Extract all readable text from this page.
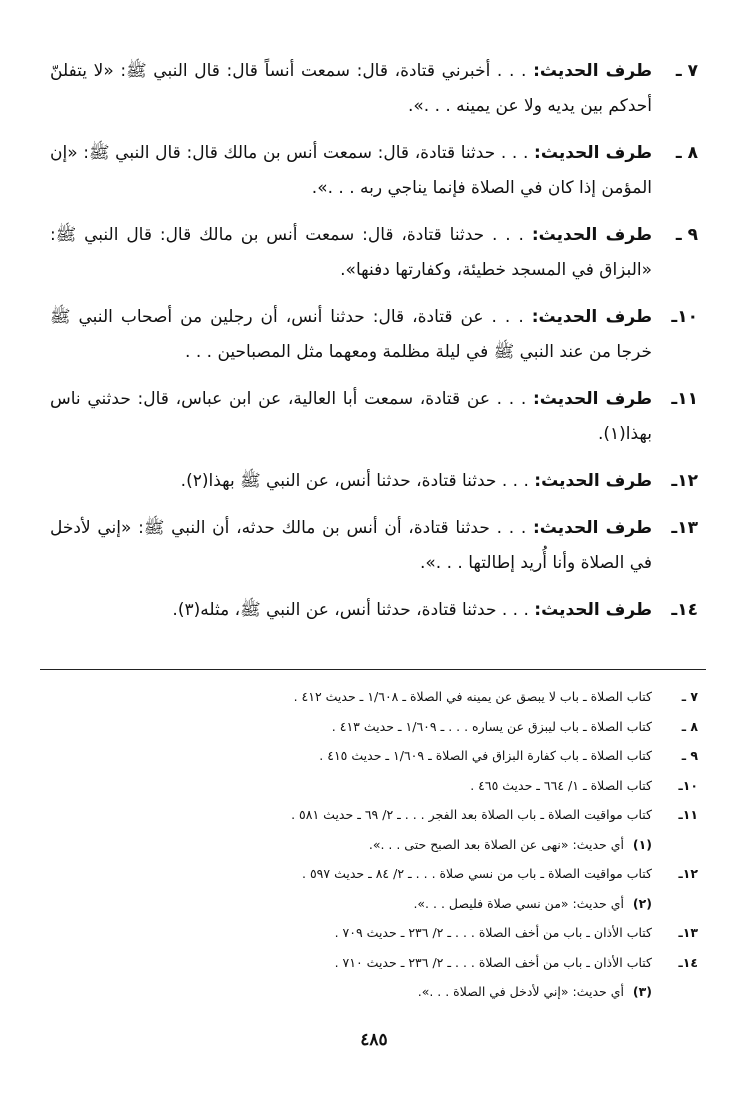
٧ ـ
طرف الحديث: . . . أخبرني قتادة، قال: سمعت أنساً قال: قال النبي ﷺ: «لا يتفلنّ أحدكم بين يديه ولا عن يمينه . . .».
٨ ـ
طرف الحديث: . . . حدثنا قتادة، قال: سمعت أنس بن مالك قال: قال النبي ﷺ: «إن المؤمن إذا كان في الصلاة فإنما يناجي ربه . . .».
٩ ـ
طرف الحديث: . . . حدثنا قتادة، قال: سمعت أنس بن مالك قال: قال النبي ﷺ: «البزاق في المسجد خطيئة، وكفارتها دفنها».
١٠ـ
طرف الحديث: . . . عن قتادة، قال: حدثنا أنس، أن رجلين من أصحاب النبي ﷺ خرجا من عند النبي ﷺ في ليلة مظلمة ومعهما مثل المصباحين . . .
١١ـ
طرف الحديث: . . . عن قتادة، سمعت أبا العالية، عن ابن عباس، قال: حدثني ناس بهذا(١).
١٢ـ
طرف الحديث: . . . حدثنا قتادة، حدثنا أنس، عن النبي ﷺ بهذا(٢).
١٣ـ
طرف الحديث: . . . حدثنا قتادة، أن أنس بن مالك حدثه، أن النبي ﷺ: «إني لأدخل في الصلاة وأنا أُريد إطالتها . . .».
١٤ـ
طرف الحديث: . . . حدثنا قتادة، حدثنا أنس، عن النبي ﷺ، مثله(٣).
٧ ـ
كتاب الصلاة ـ باب لا يبصق عن يمينه في الصلاة ـ ١/٦٠٨ ـ حديث ٤١٢ .
٨ ـ
كتاب الصلاة ـ باب ليبزق عن يساره . . . ـ ١/٦٠٩ ـ حديث ٤١٣ .
٩ ـ
كتاب الصلاة ـ باب كفارة البزاق في الصلاة ـ ١/٦٠٩ ـ حديث ٤١٥ .
١٠ـ
كتاب الصلاة ـ ١/ ٦٦٤ ـ حديث ٤٦٥ .
١١ـ
كتاب مواقيت الصلاة ـ باب الصلاة بعد الفجر . . . ـ ٢/ ٦٩ ـ حديث ٥٨١ .
(١)
أي حديث: «نهى عن الصلاة بعد الصبح حتى . . .».
١٢ـ
كتاب مواقيت الصلاة ـ باب من نسي صلاة . . . ـ ٢/ ٨٤ ـ حديث ٥٩٧ .
(٢)
أي حديث: «من نسي صلاة فليصل . . .».
١٣ـ
كتاب الأذان ـ باب من أخف الصلاة . . . ـ ٢/ ٢٣٦ ـ حديث ٧٠٩ .
١٤ـ
كتاب الأذان ـ باب من أخف الصلاة . . . ـ ٢/ ٢٣٦ ـ حديث ٧١٠ .
(٣)
أي حديث: «إني لأدخل في الصلاة . . .».
٤٨٥
